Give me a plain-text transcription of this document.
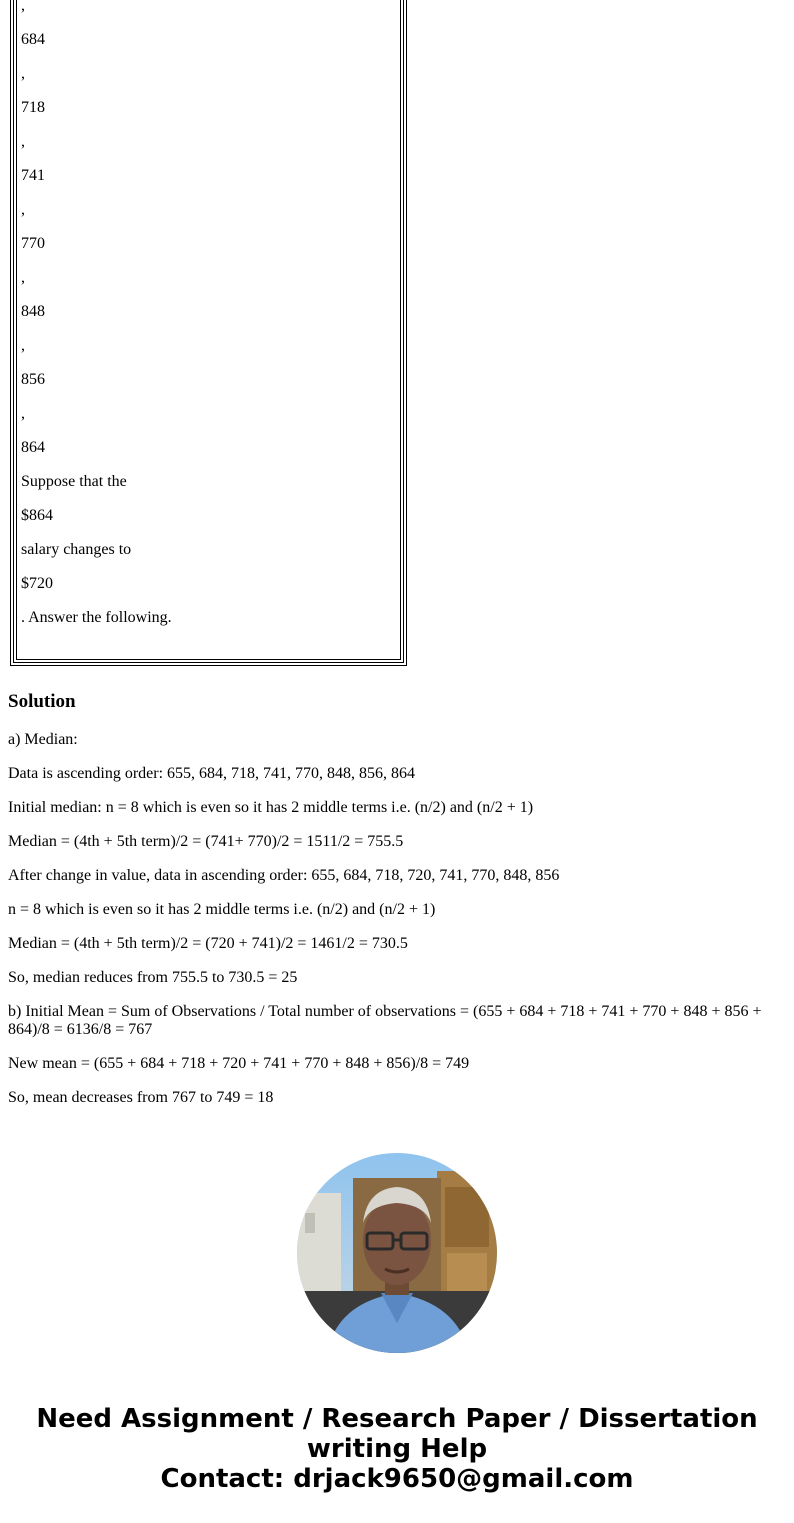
,

684

,

718

,

741

,

770

,

848

,

856

,

864

Suppose that the

$864

salary changes to

$720

. Answer the following.

Solution

a) Median:

Data is ascending order: 655, 684, 718, 741, 770, 848, 856, 864

Initial median: n = 8 which is even so it has 2 middle terms i.e. (n/2) and (n/2 + 1)

Median = (4th + 5th term)/2 = (741+ 770)/2 = 1511/2 = 755.5

After change in value, data in ascending order: 655, 684, 718, 720, 741, 770, 848, 856

n = 8 which is even so it has 2 middle terms i.e. (n/2) and (n/2 + 1)

Median = (4th + 5th term)/2 = (720 + 741)/2 = 1461/2 = 730.5

So, median reduces from 755.5 to 730.5 = 25

b) Initial Mean = Sum of Observations / Total number of observations = (655 + 684 + 718 + 741 + 770 + 848 + 856 + 864)/8 = 6136/8 = 767

New mean = (655 + 684 + 718 + 720 + 741 + 770 + 848 + 856)/8 = 749

So, mean decreases from 767 to 749 = 18

Need Assignment / Research Paper / Dissertation
writing Help
Contact: drjack9650@gmail.com
